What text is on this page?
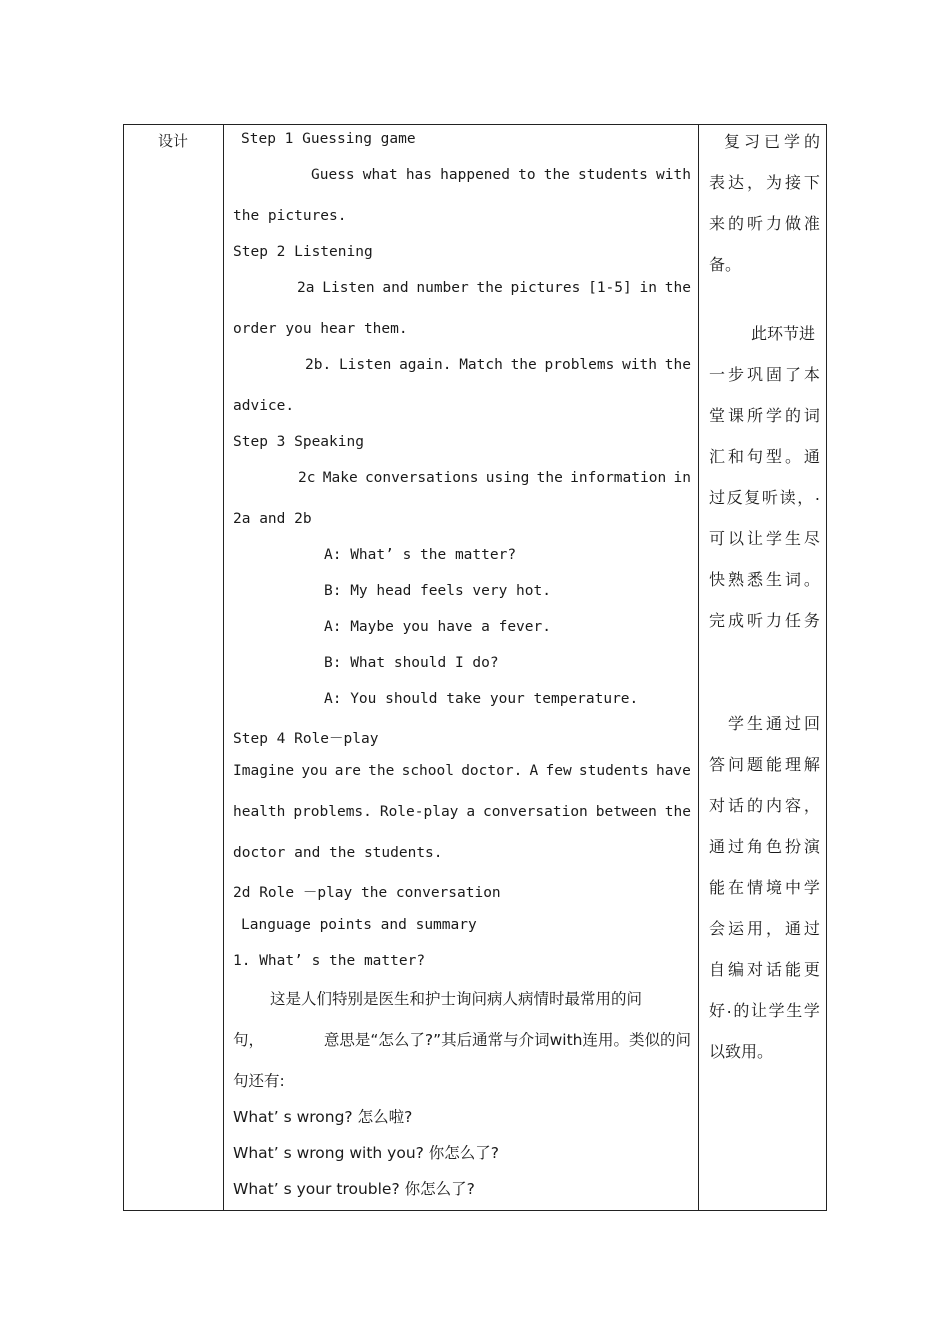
设计	Step 1 Guessing game
Guess what has happened to the students with
the pictures.
Step 2 Listening
2a Listen and number the pictures [1-5] in the
order you hear them.
2b. Listen again. Match the problems with the
advice.
Step 3 Speaking
2c Make conversations using the information in
2a and 2b
A: What’ s the matter?
B: My head feels very hot.
A: Maybe you have a fever.
B: What should I do?
A: You should take your temperature.
Step 4 Role－play
Imagine you are the school doctor. A few students have
health problems. Role-play a conversation between the
doctor and the students.
2d Role －play the conversation
Language points and summary
1. What’ s the matter?
这是人们特别是医生和护士询问病人病情时最常用的问
句，	意思是“怎么了?”其后通常与介词with连用。类似的问
句还有:
What’ s wrong? 怎么啦?
What’ s wrong with you? 你怎么了?
What’ s your trouble? 你怎么了?
复 习 已 学 的
表 达 ， 为 接 下
来 的 听 力 做 准
备。
此环节进
一 步 巩 固 了 本
堂 课 所 学 的 词
汇 和 句 型 。 通
过 反 复 听 读 ， .
可 以 让 学 生 尽
快 熟 悉 生 词 。
完 成 听 力 任 务
学 生 通 过 回
答 问 题 能 理 解
对 话 的 内 容 ，
通 过 角 色 扮 演
能 在 情 境 中 学
会 运 用 ， 通 过
自 编 对 话 能 更
好 . 的 让 学 生 学
以致用。
